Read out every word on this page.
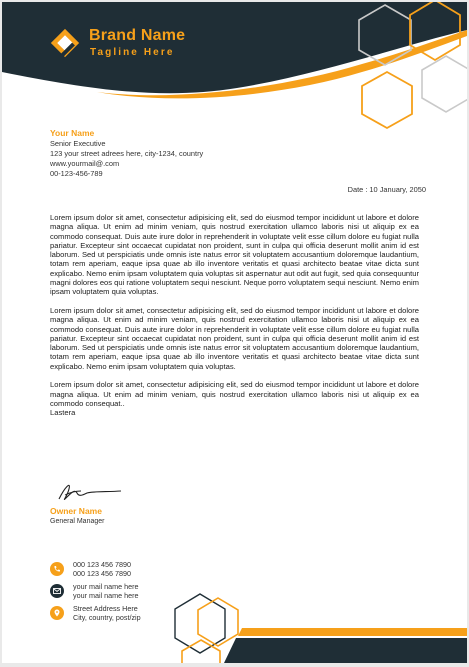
Brand Name
Tagline Here
Your Name
Senior Executive
123 your street adrees here, city-1234, country
www.yourmail@.com
00-123-456-789
Date : 10 January, 2050

Lorem ipsum dolor sit amet, consectetur adipisicing elit, sed do eiusmod tempor incididunt ut labore et dolore magna aliqua. Ut enim ad minim veniam, quis nostrud exercitation ullamco laboris nisi ut aliquip ex ea commodo consequat. Duis aute irure dolor in reprehenderit in voluptate velit esse cillum dolore eu fugiat nulla pariatur. Excepteur sint occaecat cupidatat non proident, sunt in culpa qui officia deserunt mollit anim id est laborum. Sed ut perspiciatis unde omnis iste natus error sit voluptatem accusantium doloremque laudantium, totam rem aperiam, eaque ipsa quae ab illo inventore veritatis et quasi architecto beatae vitae dicta sunt explicabo. Nemo enim ipsam voluptatem quia voluptas sit aspernatur aut odit aut fugit, sed quia consequuntur magni dolores eos qui ratione voluptatem sequi nesciunt. Neque porro voluptatem sequi nesciunt. Nemo enim ipsam voluptatem quia voluptas.

Lorem ipsum dolor sit amet, consectetur adipisicing elit, sed do eiusmod tempor incididunt ut labore et dolore magna aliqua. Ut enim ad minim veniam, quis nostrud exercitation ullamco laboris nisi ut aliquip ex ea commodo consequat. Duis aute irure dolor in reprehenderit in voluptate velit esse cillum dolore eu fugiat nulla pariatur. Excepteur sint occaecat cupidatat non proident, sunt in culpa qui officia deserunt mollit anim id est laborum. Sed ut perspiciatis unde omnis iste natus error sit voluptatem accusantium doloremque laudantium, totam rem aperiam, eaque ipsa quae ab illo inventore veritatis et quasi architecto beatae vitae dicta sunt explicabo. Nemo enim ipsam voluptatem quia voluptas.

Lorem ipsum dolor sit amet, consectetur adipisicing elit, sed do eiusmod tempor incididunt ut labore et dolore magna aliqua. Ut enim ad minim veniam, quis nostrud exercitation ullamco laboris nisi ut aliquip ex ea commodo consequat..

Lastera
Owner Name
General Manager
000 123 456 7890
000 123 456 7890
your mail name here
your mail name here
Street Address Here
City, country, post/zip
